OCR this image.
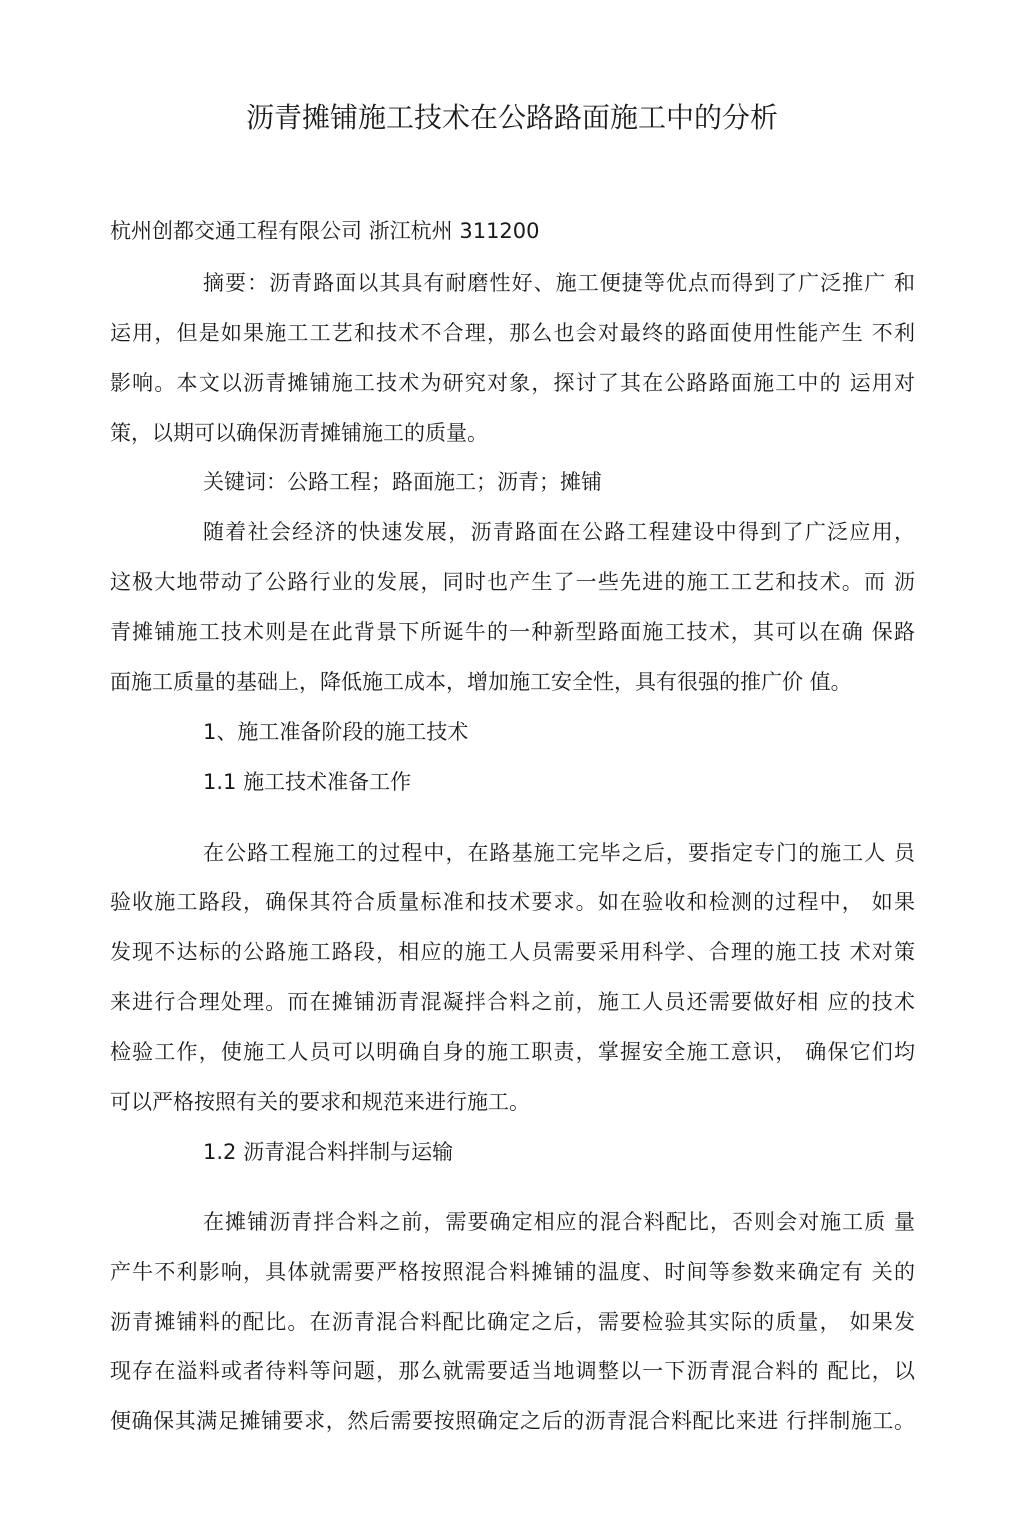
沥青摊铺施工技术在公路路面施工中的分析
杭州创都交通工程有限公司 浙江杭州 311200
摘要：沥青路面以其具有耐磨性好、施工便捷等优点而得到了广泛推广 和
运用，但是如果施工工艺和技术不合理，那么也会对最终的路面使用性能产生 不利
影响。本文以沥青摊铺施工技术为研究对象，探讨了其在公路路面施工中的 运用对
策，以期可以确保沥青摊铺施工的质量。
关键词：公路工程；路面施工；沥青；摊铺
随着社会经济的快速发展，沥青路面在公路工程建设中得到了广泛应用，
这极大地带动了公路行业的发展，同时也产生了一些先进的施工工艺和技术。而 沥
青摊铺施工技术则是在此背景下所诞牛的一种新型路面施工技术，其可以在确 保路
面施工质量的基础上，降低施工成本，增加施工安全性，具有很强的推广价 值。
1、施工准备阶段的施工技术
1.1 施工技术准备工作
在公路工程施工的过程中，在路基施工完毕之后，要指定专门的施工人 员
验收施工路段，确保其符合质量标准和技术要求。如在验收和检测的过程中， 如果
发现不达标的公路施工路段，相应的施工人员需要采用科学、合理的施工技 术对策
来进行合理处理。而在摊铺沥青混凝拌合料之前，施工人员还需要做好相 应的技术
检验工作，使施工人员可以明确自身的施工职责，掌握安全施工意识， 确保它们均
可以严格按照有关的要求和规范来进行施工。
1.2 沥青混合料拌制与运输
在摊铺沥青拌合料之前，需要确定相应的混合料配比，否则会对施工质 量
产牛不利影响，具体就需要严格按照混合料摊铺的温度、时间等参数来确定有 关的
沥青摊铺料的配比。在沥青混合料配比确定之后，需要检验其实际的质量， 如果发
现存在溢料或者待料等问题，那么就需要适当地调整以一下沥青混合料的 配比，以
便确保其满足摊铺要求，然后需要按照确定之后的沥青混合料配比来进 行拌制施工。
